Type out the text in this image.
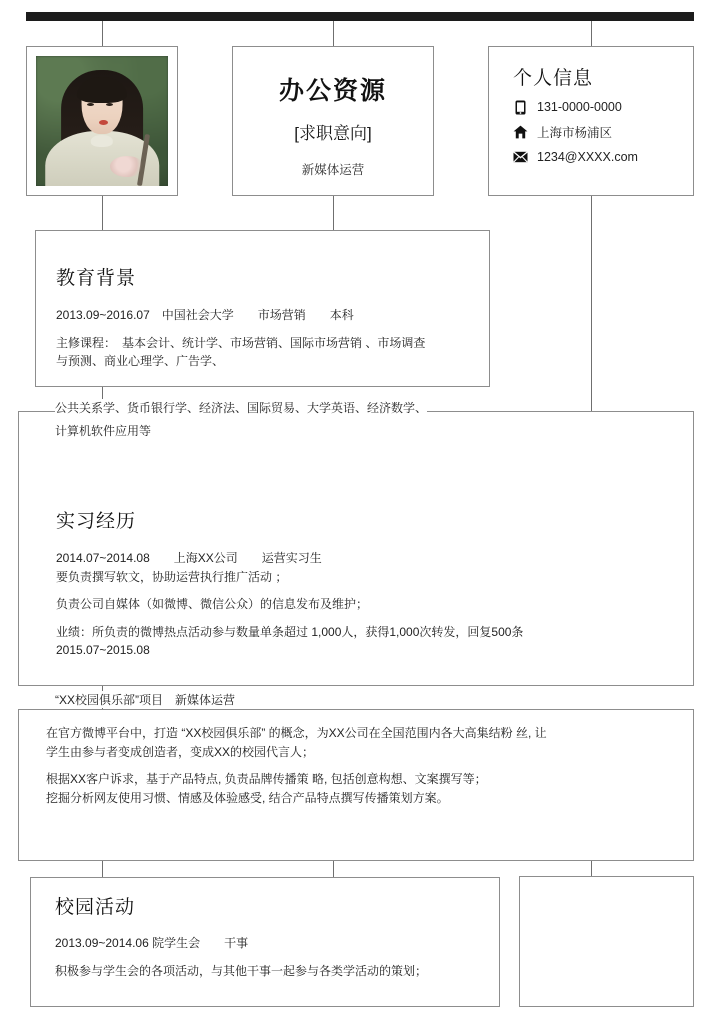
办公资源
[求职意向]
新媒体运营
个人信息
131-0000-0000
上海市杨浦区
1234@XXXX.com
教育背景
2013.09~2016.07　中国社会大学　　市场营销　　本科
主修课程：　基本会计、统计学、市场营销、国际市场营销 、市场调查
与预测、商业心理学、广告学、
公共关系学、货币银行学、经济法、国际贸易、大学英语、经济数学、
计算机软件应用等
实习经历
2014.07~2014.08　　上海XX公司　　运营实习生
要负责撰写软文，协助运营执行推广活动 ；
负责公司自媒体（如微博、微信公众）的信息发布及维护；
业绩：所负责的微博热点活动参与数量单条超过 1,000人，获得1,000次转发，回复500条
2015.07~2015.08
“XX校园俱乐部”项目　新媒体运营
在官方微博平台中，打造 “XX校园俱乐部” 的概念，为XX公司在全国范围内各大高集结粉 丝, 让
学生由参与者变成创造者，变成XX的校园代言人；
根据XX客户诉求，基于产品特点, 负责品牌传播策 略, 包括创意构想、文案撰写等；
挖掘分析网友使用习惯、情感及体验感受, 结合产品特点撰写传播策划方案。
校园活动
2013.09~2014.06 院学生会　　干事
积极参与学生会的各项活动，与其他干事一起参与各类学活动的策划；
